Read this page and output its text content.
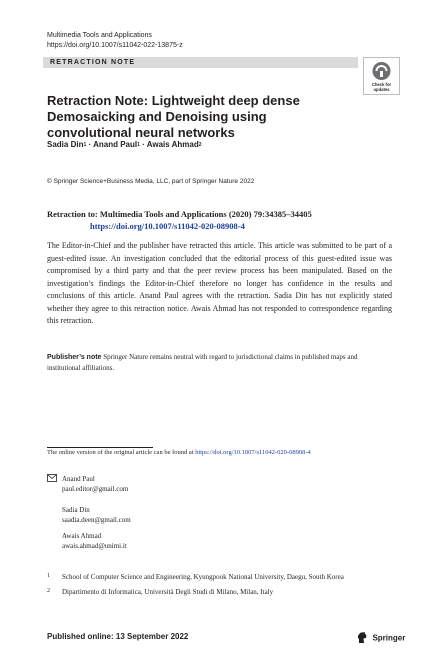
Multimedia Tools and Applications
https://doi.org/10.1007/s11042-022-13875-z
RETRACTION NOTE
Check for
updates
Retraction Note: Lightweight deep dense Demosaicking and Denoising using convolutional neural networks
Sadia Din$^1$ · Anand Paul$^1$ · Awais Ahmad$^2$
© Springer Science+Business Media, LLC, part of Springer Nature 2022
Retraction to: Multimedia Tools and Applications (2020) 79:34385–34405
https://doi.org/10.1007/s11042-020-08908-4
The Editor-in-Chief and the publisher have retracted this article. This article was submitted to be part of a guest-edited issue. An investigation concluded that the editorial process of this guest-edited issue was compromised by a third party and that the peer review process has been manipulated. Based on the investigation’s findings the Editor-in-Chief therefore no longer has confidence in the results and conclusions of this article. Anand Paul agrees with the retraction. Sadia Din has not explicitly stated whether they agree to this retraction notice. Awais Ahmad has not responded to correspondence regarding this retraction.
Publisher’s note Springer Nature remains neutral with regard to jurisdictional claims in published maps and institutional affiliations.
The online version of the original article can be found at https://doi.org/10.1007/s11042-020-08908-4
Anand Paul
paul.editor@gmail.com
Sadia Din
saadia.deen@gmail.com
Awais Ahmad
awais.ahmad@unimi.it
1 School of Computer Science and Engineering, Kyungpook National University, Daegu, South Korea
2 Dipartimento di Informatica, Università Degli Studi di Milano, Milan, Italy
Published online: 13 September 2022	Springer
